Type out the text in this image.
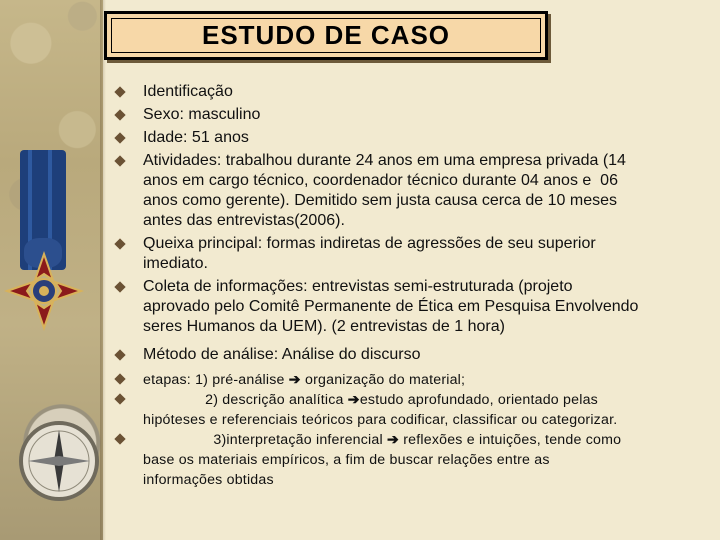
ESTUDO DE CASO
Identificação
Sexo: masculino
Idade: 51 anos
Atividades: trabalhou durante 24 anos em uma empresa privada (14
anos em cargo técnico, coordenador técnico durante 04 anos e  06
anos como gerente). Demitido sem justa causa cerca de 10 meses
antes das entrevistas(2006).
Queixa principal: formas indiretas de agressões de seu superior
imediato.
Coleta de informações: entrevistas semi-estruturada (projeto
aprovado pelo Comitê Permanente de Ética em Pesquisa Envolvendo
seres Humanos da UEM). (2 entrevistas de 1 hora)
Método de análise: Análise do discurso
etapas: 1) pré-análise ➔ organização do material;
2) descrição analítica ➔estudo aprofundado, orientado pelas
hipóteses e referenciais teóricos para codificar, classificar ou categorizar.
3)interpretação inferencial ➔ reflexões e intuições, tende como
base os materiais empíricos, a fim de buscar relações entre as
informações obtidas
